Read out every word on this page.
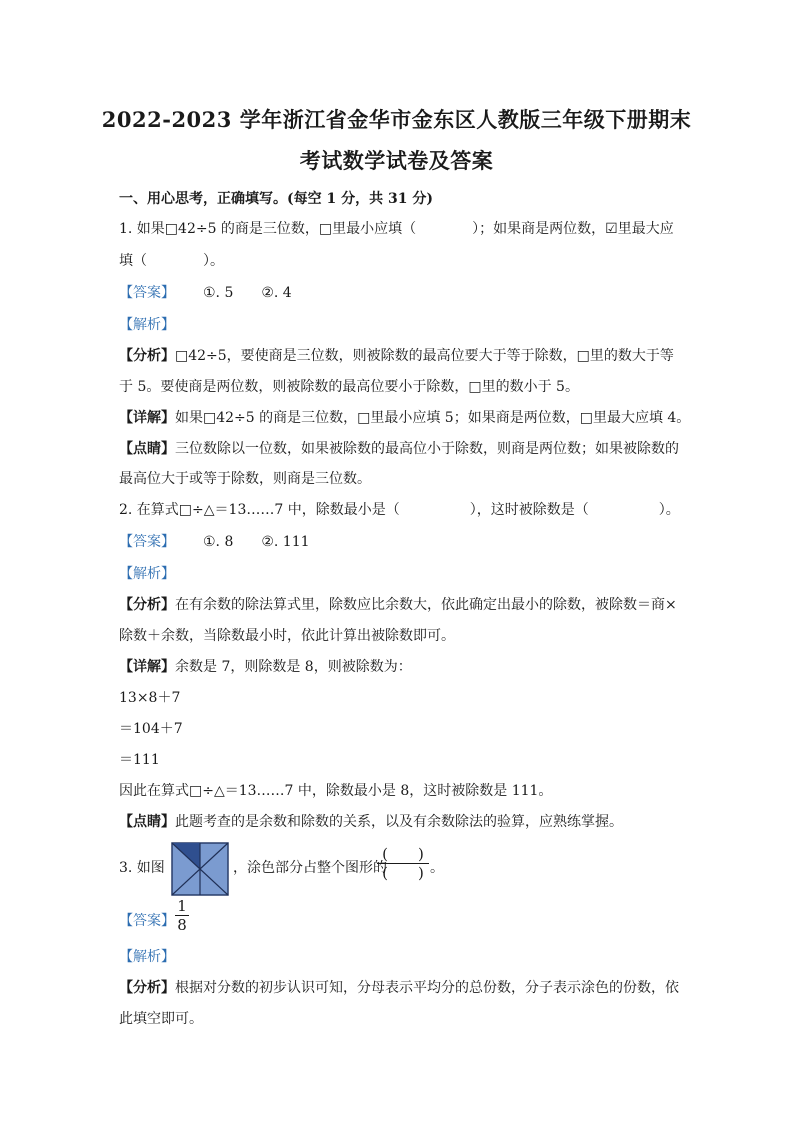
2022-2023 学年浙江省金华市金东区人教版三年级下册期末
考试数学试卷及答案
一、用心思考，正确填写。(每空 1 分，共 31 分)
1. 如果□42÷5 的商是三位数，□里最小应填（　　　　）；如果商是两位数，☑里最大应
填（　　　　）。
【答案】 ①. 5　　②. 4
【解析】
【分析】□42÷5，要使商是三位数，则被除数的最高位要大于等于除数，□里的数大于等
于 5。要使商是两位数，则被除数的最高位要小于除数，□里的数小于 5。
【详解】如果□42÷5 的商是三位数，□里最小应填 5；如果商是两位数，□里最大应填 4。
【点睛】三位数除以一位数，如果被除数的最高位小于除数，则商是两位数；如果被除数的
最高位大于或等于除数，则商是三位数。
2. 在算式□÷△＝13……7 中，除数最小是（　　　　　），这时被除数是（　　　　　）。
【答案】 ①. 8　　②. 111
【解析】
【分析】在有余数的除法算式里，除数应比余数大，依此确定出最小的除数，被除数＝商×
除数＋余数，当除数最小时，依此计算出被除数即可。
【详解】余数是 7，则除数是 8，则被除数为：
13×8＋7
＝104＋7
＝111
因此在算式□÷△＝13……7 中，除数最小是 8，这时被除数是 111。
【点睛】此题考查的是余数和除数的关系，以及有余数除法的验算，应熟练掌握。
3. 如图	，涂色部分占整个图形的
(　　)
(　　) 。
【答案】
1
8
【解析】
【分析】根据对分数的初步认识可知，分母表示平均分的总份数，分子表示涂色的份数，依
此填空即可。
